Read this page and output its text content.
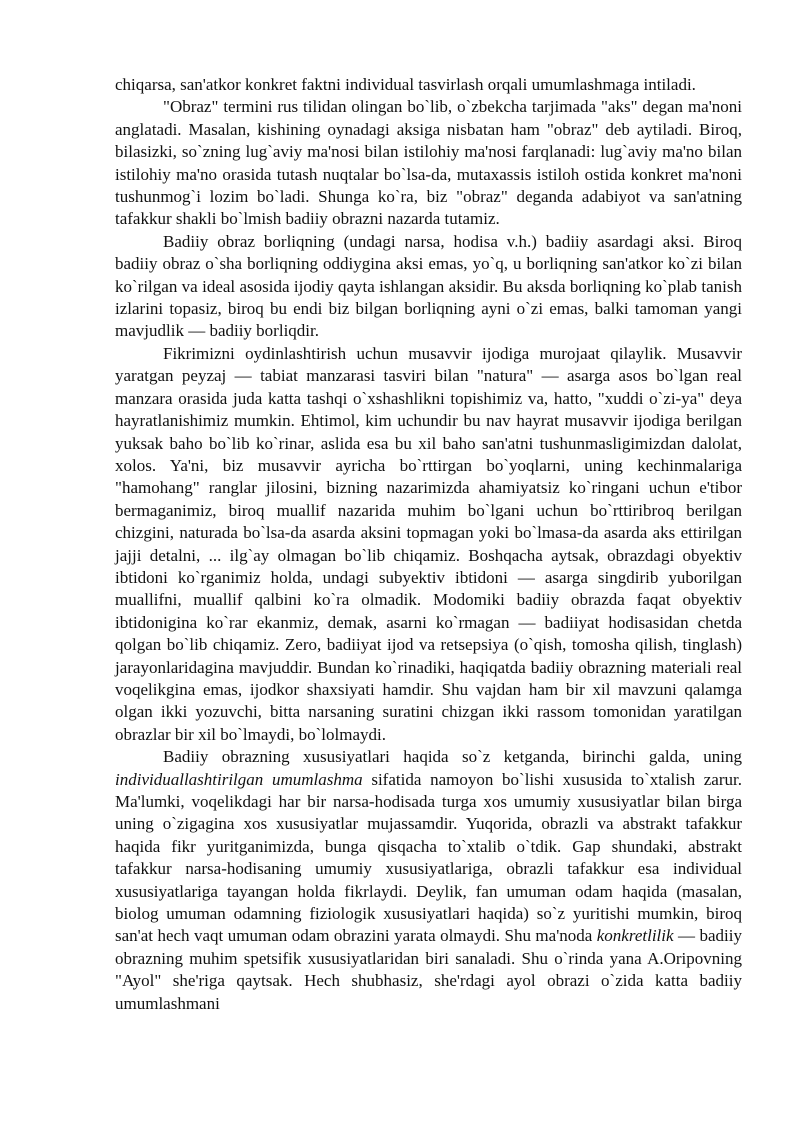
chiqarsa, san'atkor konkret faktni individual tasvirlash orqali umumlashmaga intiladi.

"Obraz" termini rus tilidan olingan bo`lib, o`zbekcha tarjimada "aks" degan ma'noni anglatadi. Masalan, kishining oynadagi aksiga nisbatan ham "obraz" deb aytiladi. Biroq, bilasizki, so`zning lug`aviy ma'nosi bilan istilohiy ma'nosi farqlanadi: lug`aviy ma'no bilan istilohiy ma'no orasida tutash nuqtalar bo`lsa-da, mutaxassis istiloh ostida konkret ma'noni tushunmog`i lozim bo`ladi. Shunga ko`ra, biz "obraz" deganda adabiyot va san'atning tafakkur shakli bo`lmish badiiy obrazni nazarda tutamiz.

Badiiy obraz borliqning (undagi narsa, hodisa v.h.) badiiy asardagi aksi. Biroq badiiy obraz o`sha borliqning oddiygina aksi emas, yo`q, u borliqning san'atkor ko`zi bilan ko`rilgan va ideal asosida ijodiy qayta ishlangan aksidir. Bu aksda borliqning ko`plab tanish izlarini topasiz, biroq bu endi biz bilgan borliqning ayni o`zi emas, balki tamoman yangi mavjudlik — badiiy borliqdir.

Fikrimizni oydinlashtirish uchun musavvir ijodiga murojaat qilaylik. Musavvir yaratgan peyzaj — tabiat manzarasi tasviri bilan "natura" — asarga asos bo`lgan real manzara orasida juda katta tashqi o`xshashlikni topishimiz va, hatto, "xuddi o`zi-ya" deya hayratlanishimiz mumkin. Ehtimol, kim uchundir bu nav hayrat musavvir ijodiga berilgan yuksak baho bo`lib ko`rinar, aslida esa bu xil baho san'atni tushunmasligimizdan dalolat, xolos. Ya'ni, biz musavvir ayricha bo`rttirgan bo`yoqlarni, uning kechinmalariga "hamohang" ranglar jilosini, bizning nazarimizda ahamiyatsiz ko`ringani uchun e'tibor bermaganimiz, biroq muallif nazarida muhim bo`lgani uchun bo`rttiribroq berilgan chizgini, naturada bo`lsa-da asarda aksini topmagan yoki bo`lmasa-da asarda aks ettirilgan jajji detalni, ... ilg`ay olmagan bo`lib chiqamiz. Boshqacha aytsak, obrazdagi obyektiv ibtidoni ko`rganimiz holda, undagi subyektiv ibtidoni — asarga singdirib yuborilgan muallifni, muallif qalbini ko`ra olmadik. Modomiki badiiy obrazda faqat obyektiv ibtidonigina ko`rar ekanmiz, demak, asarni ko`rmagan — badiiyat hodisasidan chetda qolgan bo`lib chiqamiz. Zero, badiiyat ijod va retsepsiya (o`qish, tomosha qilish, tinglash) jarayonlaridagina mavjuddir. Bundan ko`rinadiki, haqiqatda badiiy obrazning materiali real voqelikgina emas, ijodkor shaxsiyati hamdir. Shu vajdan ham bir xil mavzuni qalamga olgan ikki yozuvchi, bitta narsaning suratini chizgan ikki rassom tomonidan yaratilgan obrazlar bir xil bo`lmaydi, bo`lolmaydi.

Badiiy obrazning xususiyatlari haqida so`z ketganda, birinchi galda, uning individuallashtirilgan umumlashma sifatida namoyon bo`lishi xususida to`xtalish zarur. Ma'lumki, voqelikdagi har bir narsa-hodisada turga xos umumiy xususiyatlar bilan birga uning o`zigagina xos xususiyatlar mujassamdir. Yuqorida, obrazli va abstrakt tafakkur haqida fikr yuritganimizda, bunga qisqacha to`xtalib o`tdik. Gap shundaki, abstrakt tafakkur narsa-hodisaning umumiy xususiyatlariga, obrazli tafakkur esa individual xususiyatlariga tayangan holda fikrlaydi. Deylik, fan umuman odam haqida (masalan, biolog umuman odamning fiziologik xususiyatlari haqida) so`z yuritishi mumkin, biroq san'at hech vaqt umuman odam obrazini yarata olmaydi. Shu ma'noda konkretlilik — badiiy obrazning muhim spetsifik xususiyatlaridan biri sanaladi. Shu o`rinda yana A.Oripovning "Ayol" she'riga qaytsak. Hech shubhasiz, she'rdagi ayol obrazi o`zida katta badiiy umumlashmani
